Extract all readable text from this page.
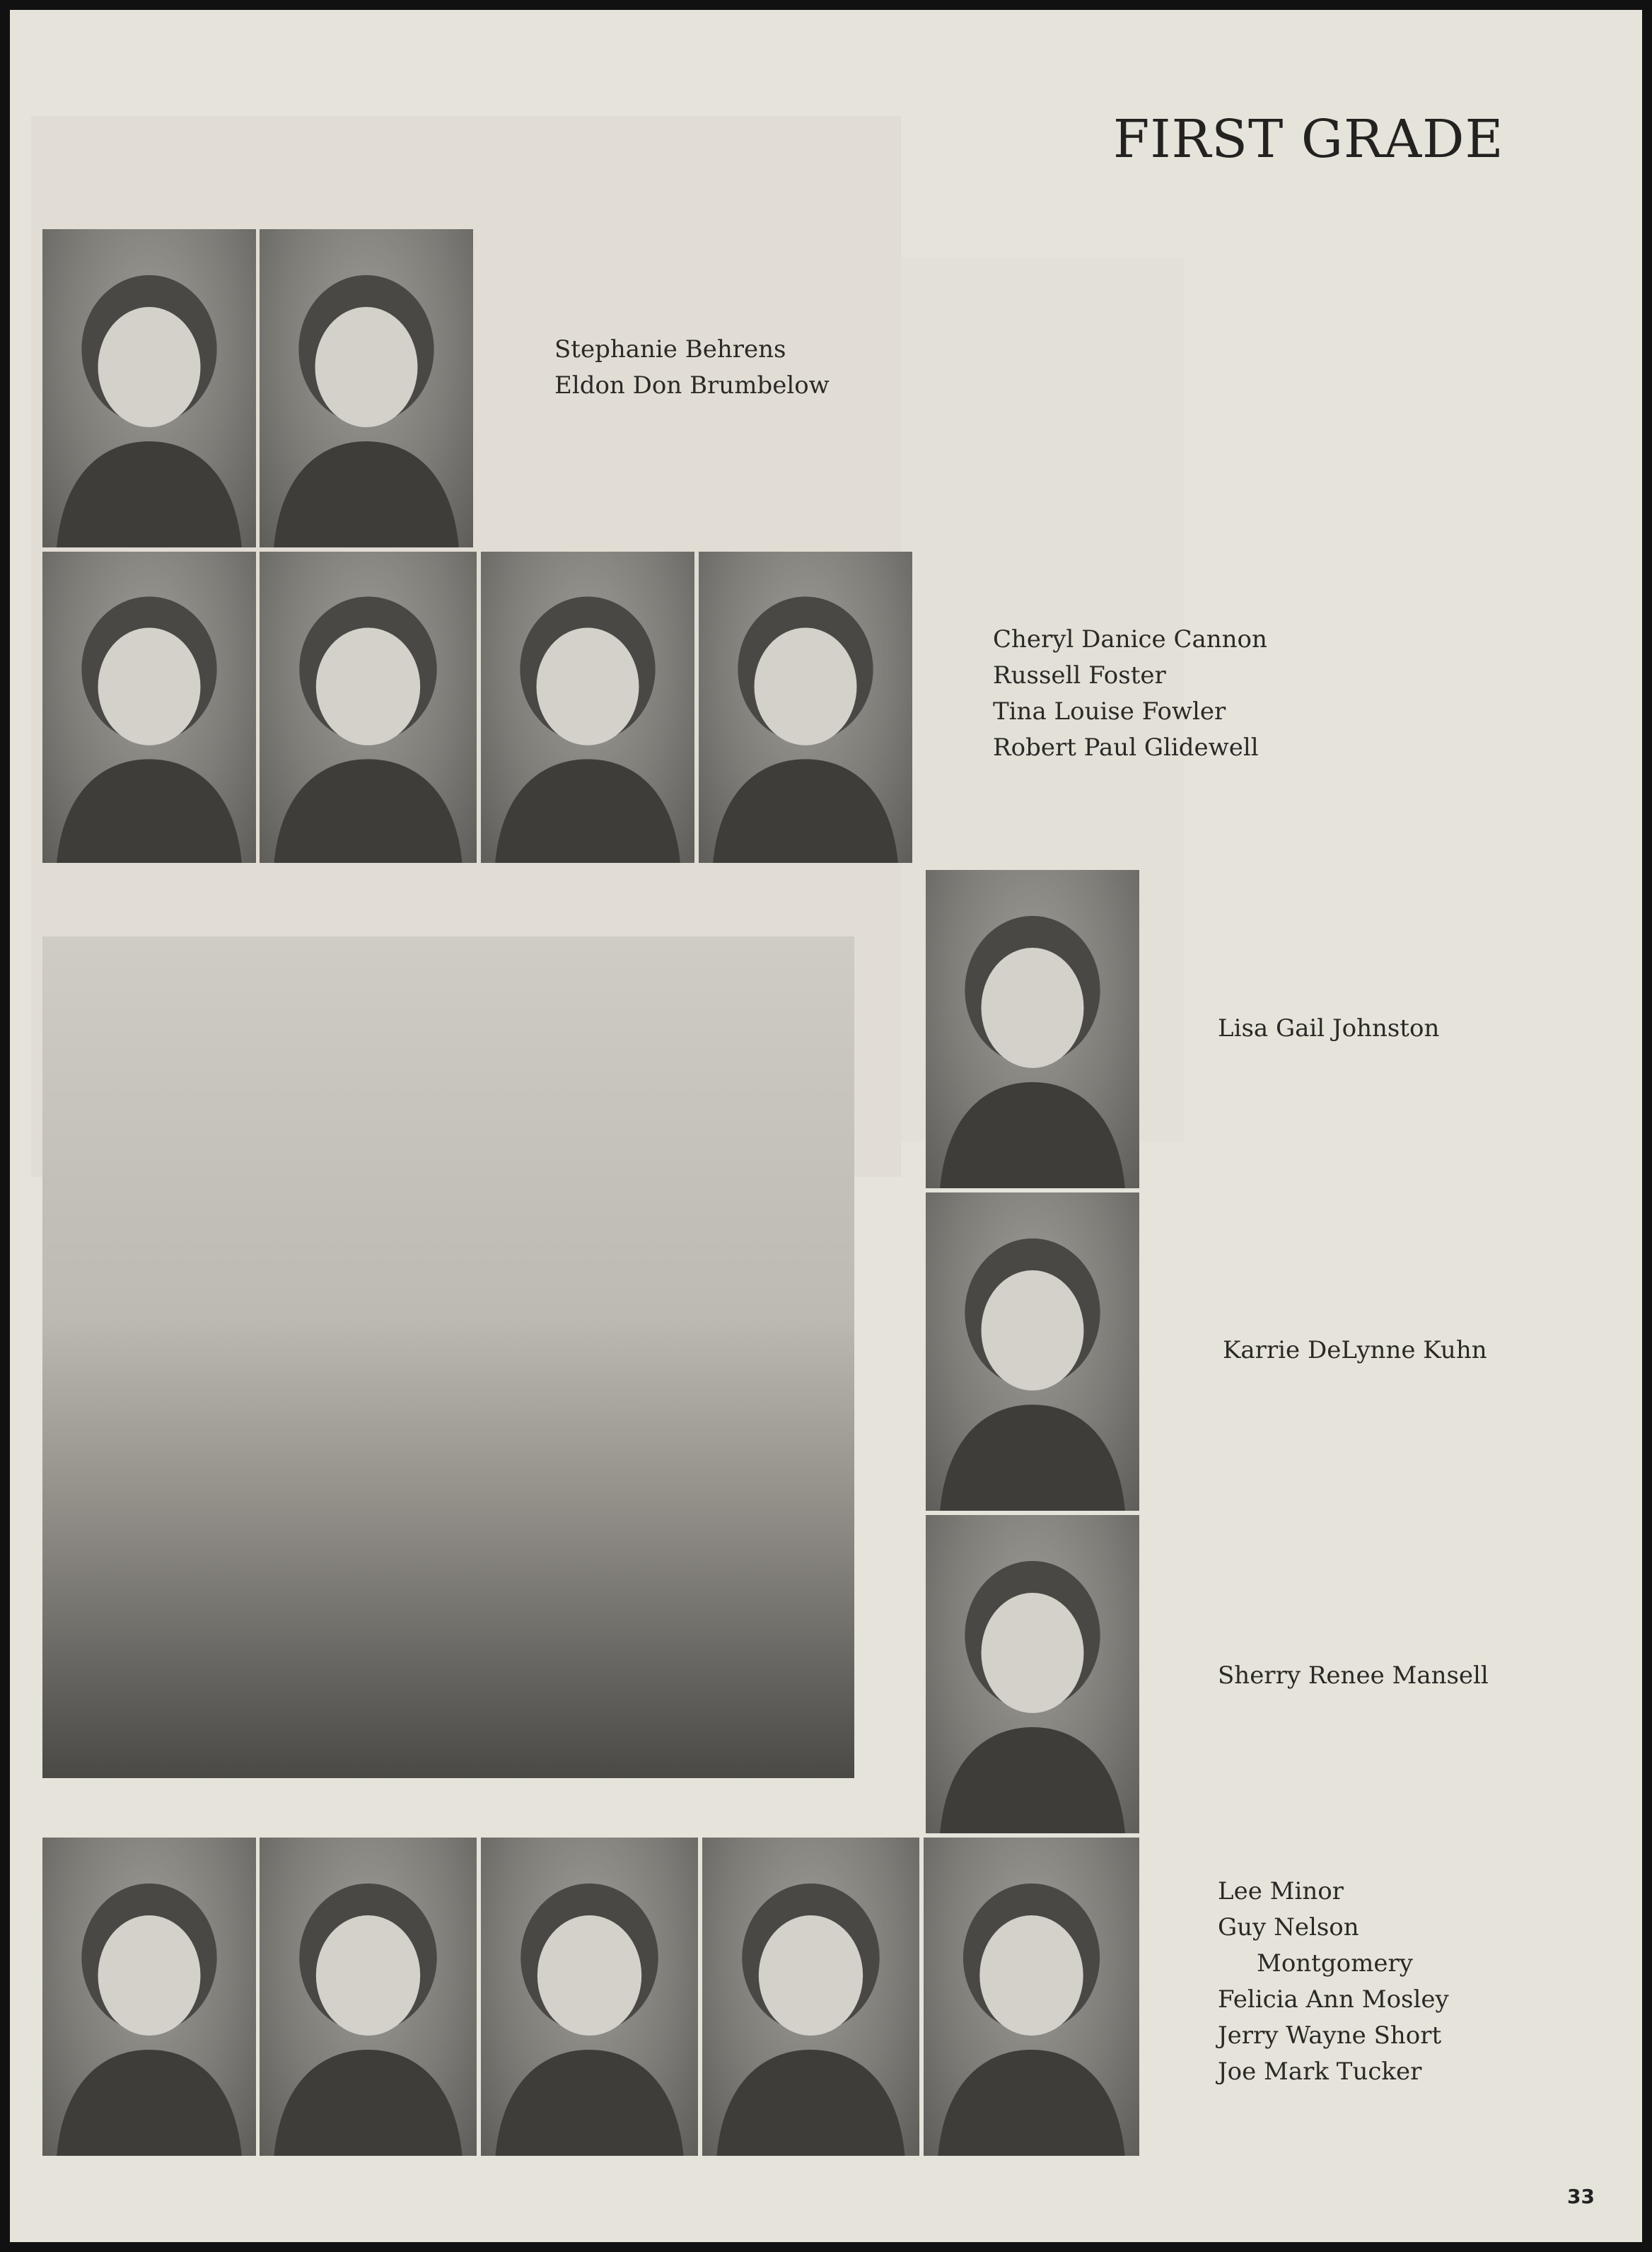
FIRST GRADE
Stephanie Behrens
Eldon Don Brumbelow
Cheryl Danice Cannon
Russell Foster
Tina Louise Fowler
Robert Paul Glidewell
Lisa Gail Johnston
Karrie DeLynne Kuhn
Sherry Renee Mansell
Lee Minor
Guy Nelson
Montgomery
Felicia Ann Mosley
Jerry Wayne Short
Joe Mark Tucker
33
